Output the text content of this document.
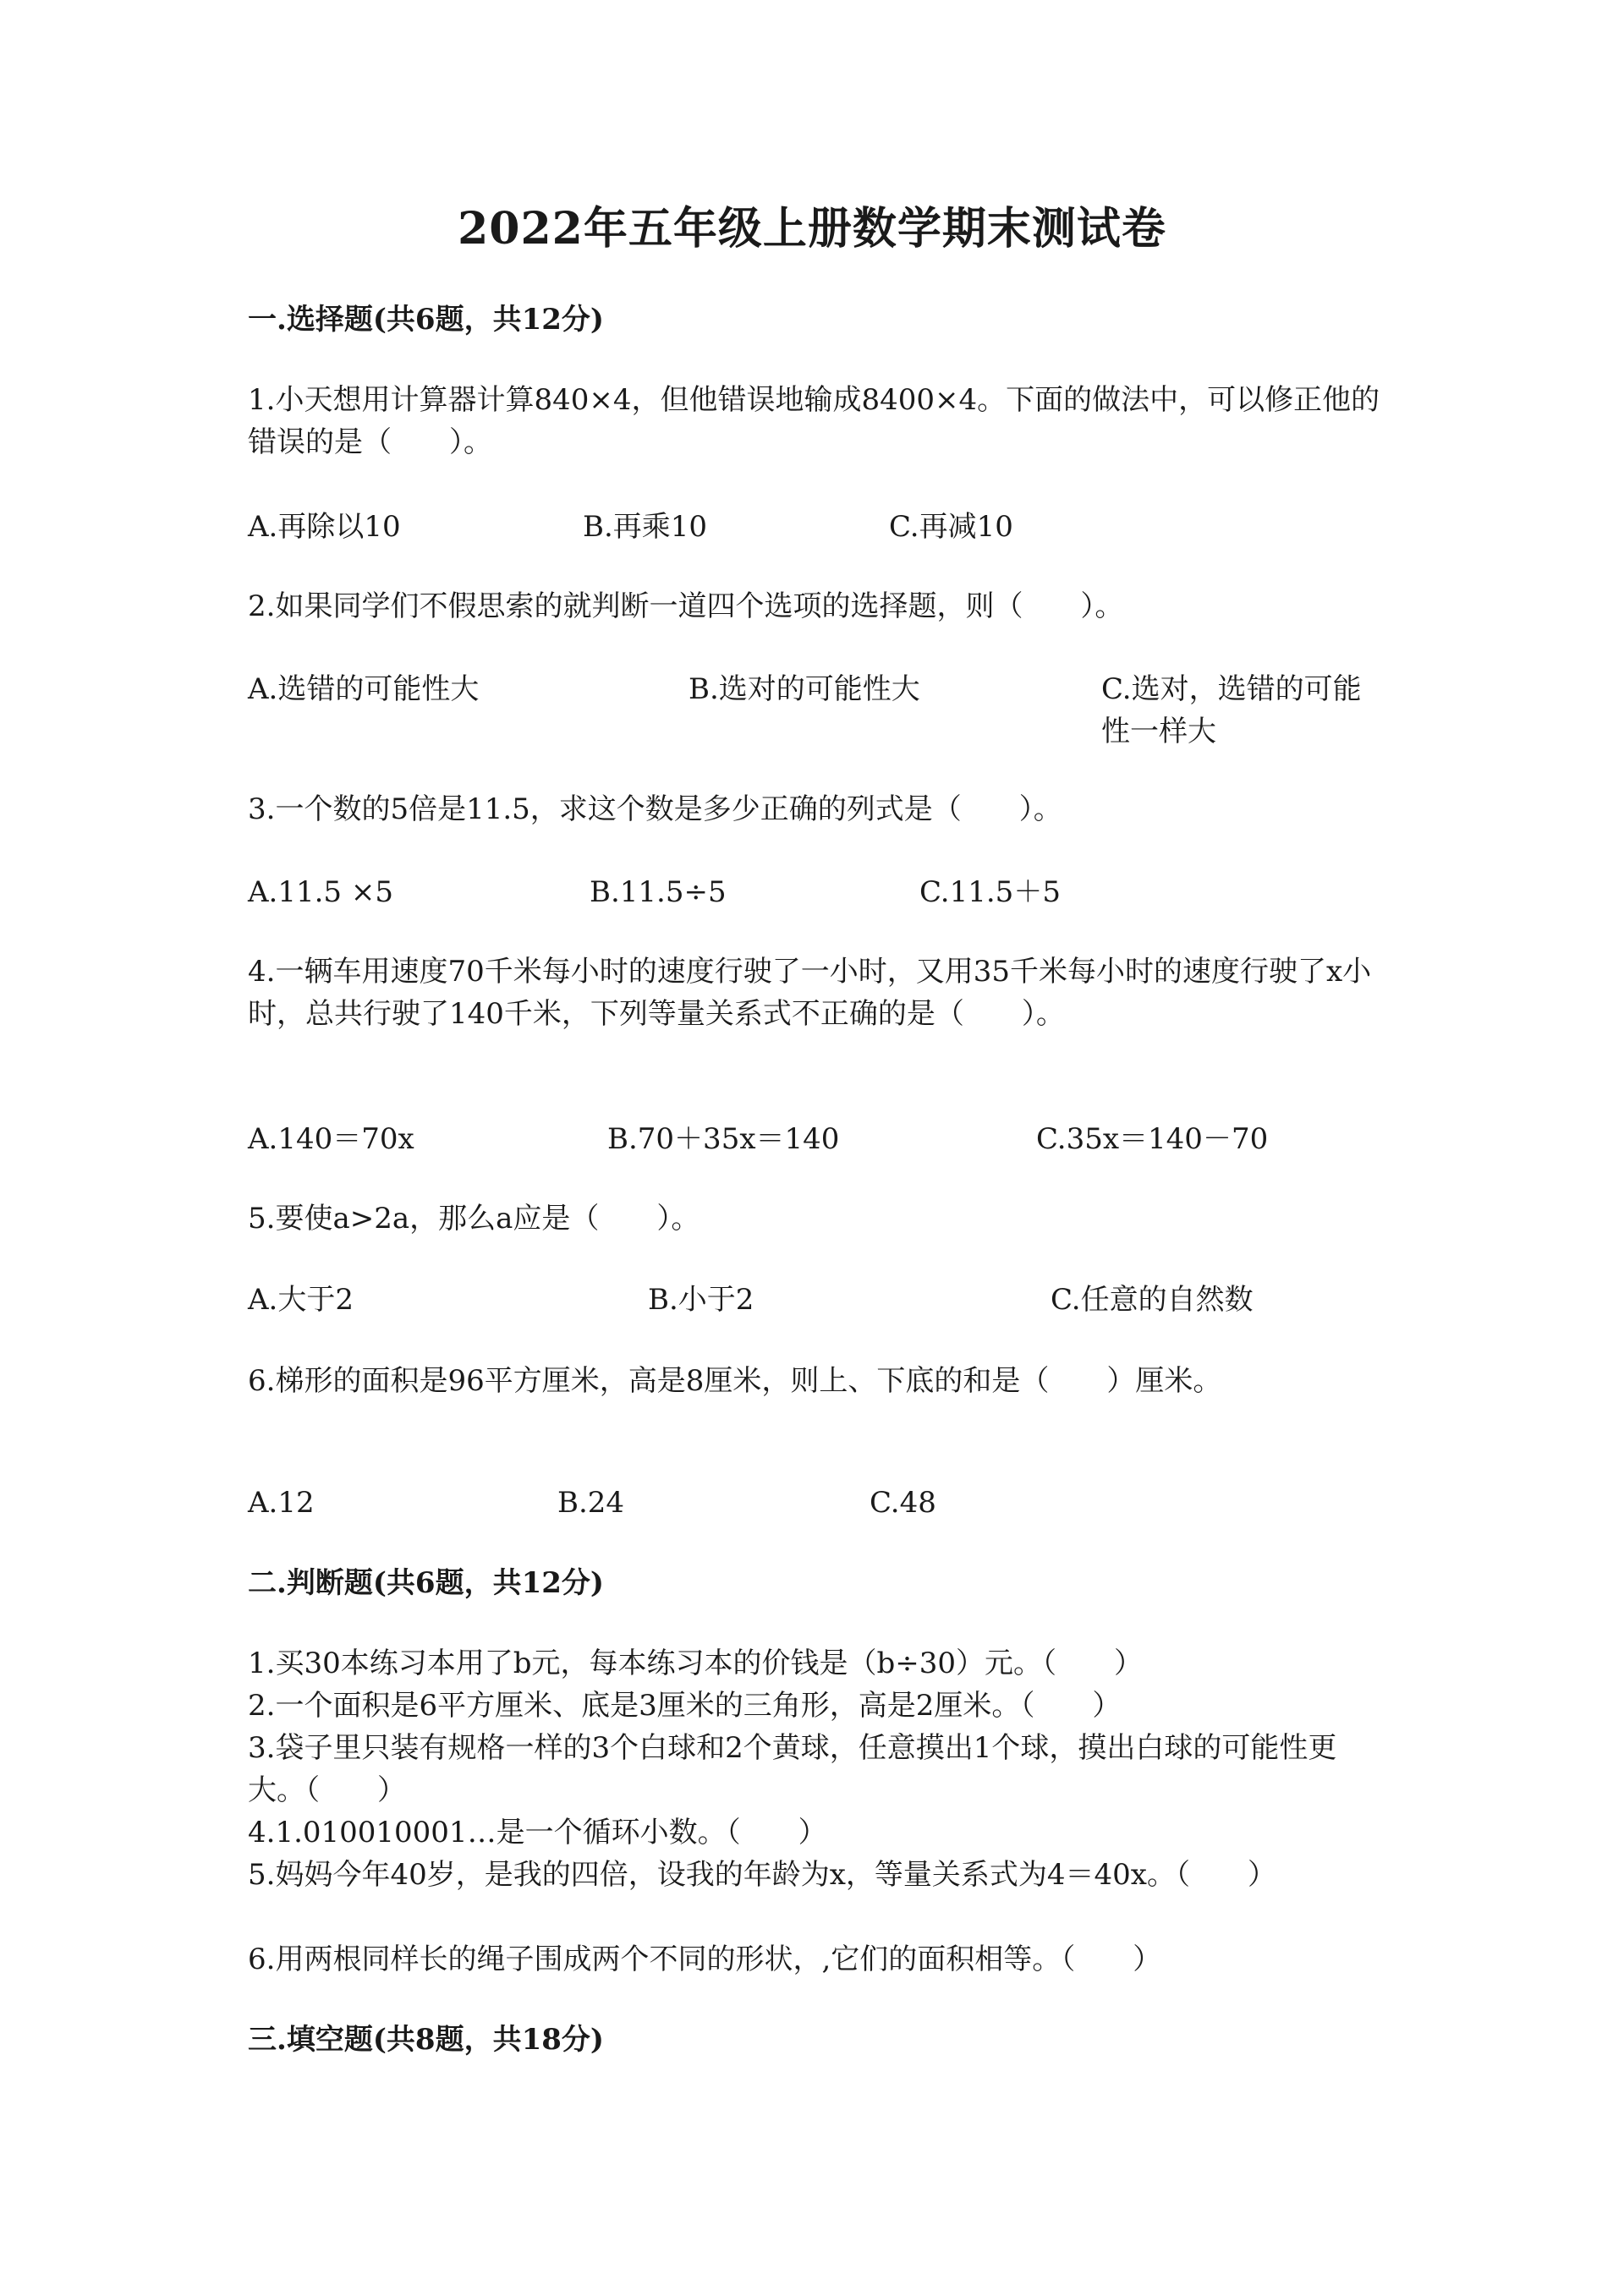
2022年五年级上册数学期末测试卷
一.选择题(共6题，共12分)
1.小天想用计算器计算840×4，但他错误地输成8400×4。下面的做法中，可以修正他的错误的是（　　）。
A.再除以10	B.再乘10	C.再减10
2.如果同学们不假思索的就判断一道四个选项的选择题，则（　　）。
A.选错的可能性大	B.选对的可能性大	C.选对，选错的可能性一样大
3.一个数的5倍是11.5，求这个数是多少正确的列式是（　　）。
A.11.5 ×5	B.11.5÷5	C.11.5＋5
4.一辆车用速度70千米每小时的速度行驶了一小时，又用35千米每小时的速度行驶了x小时，总共行驶了140千米，下列等量关系式不正确的是（　　）。
A.140＝70x	B.70＋35x＝140	C.35x＝140－70
5.要使a>2a，那么a应是（　　）。
A.大于2	B.小于2	C.任意的自然数
6.梯形的面积是96平方厘米，高是8厘米，则上、下底的和是（　　）厘米。
A.12	B.24	C.48
二.判断题(共6题，共12分)
1.买30本练习本用了b元，每本练习本的价钱是（b÷30）元。（　　）
2.一个面积是6平方厘米、底是3厘米的三角形，高是2厘米。（　　）
3.袋子里只装有规格一样的3个白球和2个黄球，任意摸出1个球，摸出白球的可能性更大。（　　）
4.1.010010001…是一个循环小数。（　　）
5.妈妈今年40岁，是我的四倍，设我的年龄为x，等量关系式为4＝40x。（　　）
6.用两根同样长的绳子围成两个不同的形状，,它们的面积相等。（　　）
三.填空题(共8题，共18分)
